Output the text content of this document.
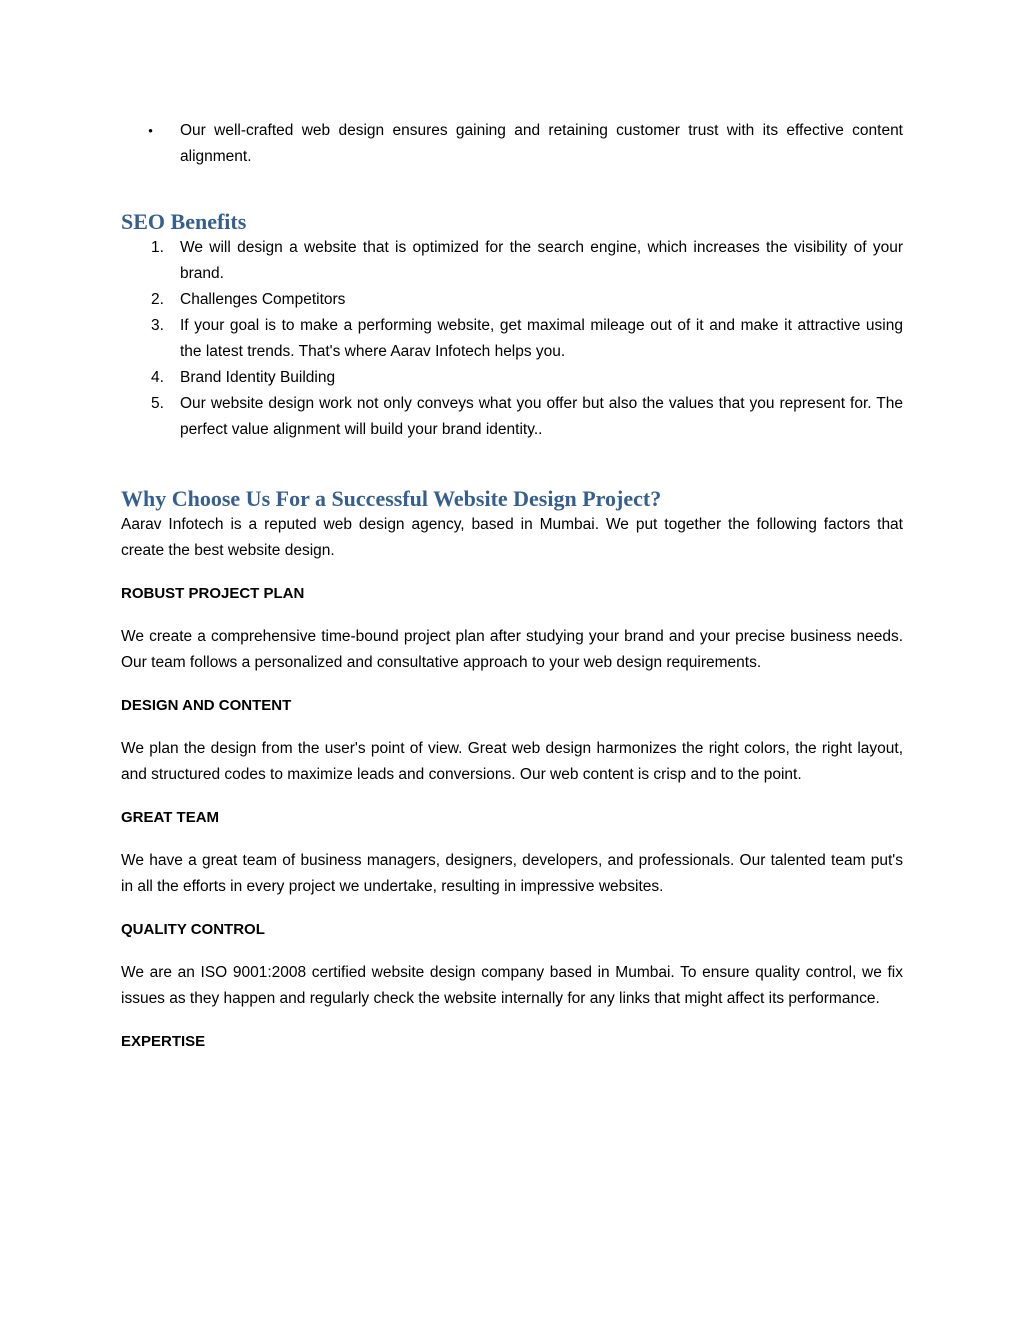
•	Our well-crafted web design ensures gaining and retaining customer trust with its effective content alignment.
SEO Benefits
1.	We will design a website that is optimized for the search engine, which increases the visibility of your brand.
2.	Challenges Competitors
3.	If your goal is to make a performing website, get maximal mileage out of it and make it attractive using the latest trends. That's where Aarav Infotech helps you.
4.	Brand Identity Building
5.	Our website design work not only conveys what you offer but also the values that you represent for. The perfect value alignment will build your brand identity..
Why Choose Us For a Successful Website Design Project?

Aarav Infotech is a reputed web design agency, based in Mumbai. We put together the following factors that create the best website design.

ROBUST PROJECT PLAN

We create a comprehensive time-bound project plan after studying your brand and your precise business needs. Our team follows a personalized and consultative approach to your web design requirements.

DESIGN AND CONTENT

We plan the design from the user's point of view. Great web design harmonizes the right colors, the right layout, and structured codes to maximize leads and conversions. Our web content is crisp and to the point.

GREAT TEAM

We have a great team of business managers, designers, developers, and professionals. Our talented team put's in all the efforts in every project we undertake, resulting in impressive websites.

QUALITY CONTROL

We are an ISO 9001:2008 certified website design company based in Mumbai. To ensure quality control, we fix issues as they happen and regularly check the website internally for any links that might affect its performance.

EXPERTISE
